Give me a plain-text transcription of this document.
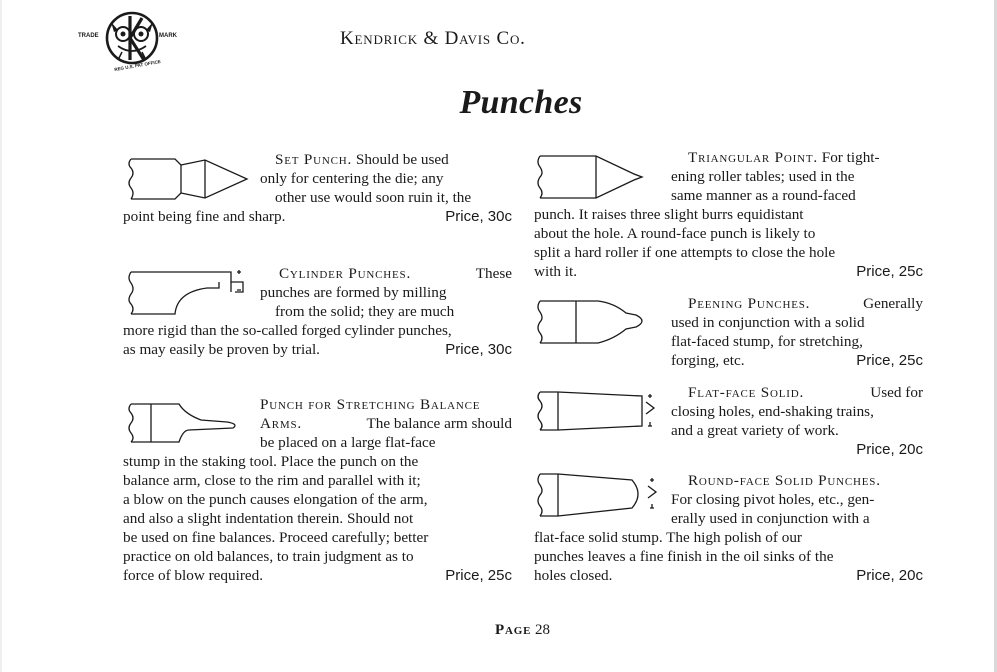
TRADE	MARK
REG U.S. PAT OFFICE
Kendrick & Davis Co.
Punches
Set Punch. Should be used
only for centering the die; any
other use would soon ruin it, the
point being fine and sharp.	Price, 30c
Cylinder Punches.	These
punches are formed by milling
from the solid; they are much
more rigid than the so-called forged cylinder punches,
as may easily be proven by trial.	Price, 30c
Punch for Stretching Balance
Arms.	The balance arm should
be placed on a large flat-face
stump in the staking tool. Place the punch on the
balance arm, close to the rim and parallel with it;
a blow on the punch causes elongation of the arm,
and also a slight indentation therein. Should not
be used on fine balances. Proceed carefully; better
practice on old balances, to train judgment as to
force of blow required.	Price, 25c
Triangular Point. For tight-
ening roller tables; used in the
same manner as a round-faced
punch. It raises three slight burrs equidistant
about the hole. A round-face punch is likely to
split a hard roller if one attempts to close the hole
with it.	Price, 25c
Peening Punches.	Generally
used in conjunction with a solid
flat-faced stump, for stretching,
forging, etc.	Price, 25c
Flat-face Solid.	Used for
closing holes, end-shaking trains,
and a great variety of work.
Price, 20c
Round-face Solid Punches.
For closing pivot holes, etc., gen-
erally used in conjunction with a
flat-face solid stump. The high polish of our
punches leaves a fine finish in the oil sinks of the
holes closed.	Price, 20c
Page 28
